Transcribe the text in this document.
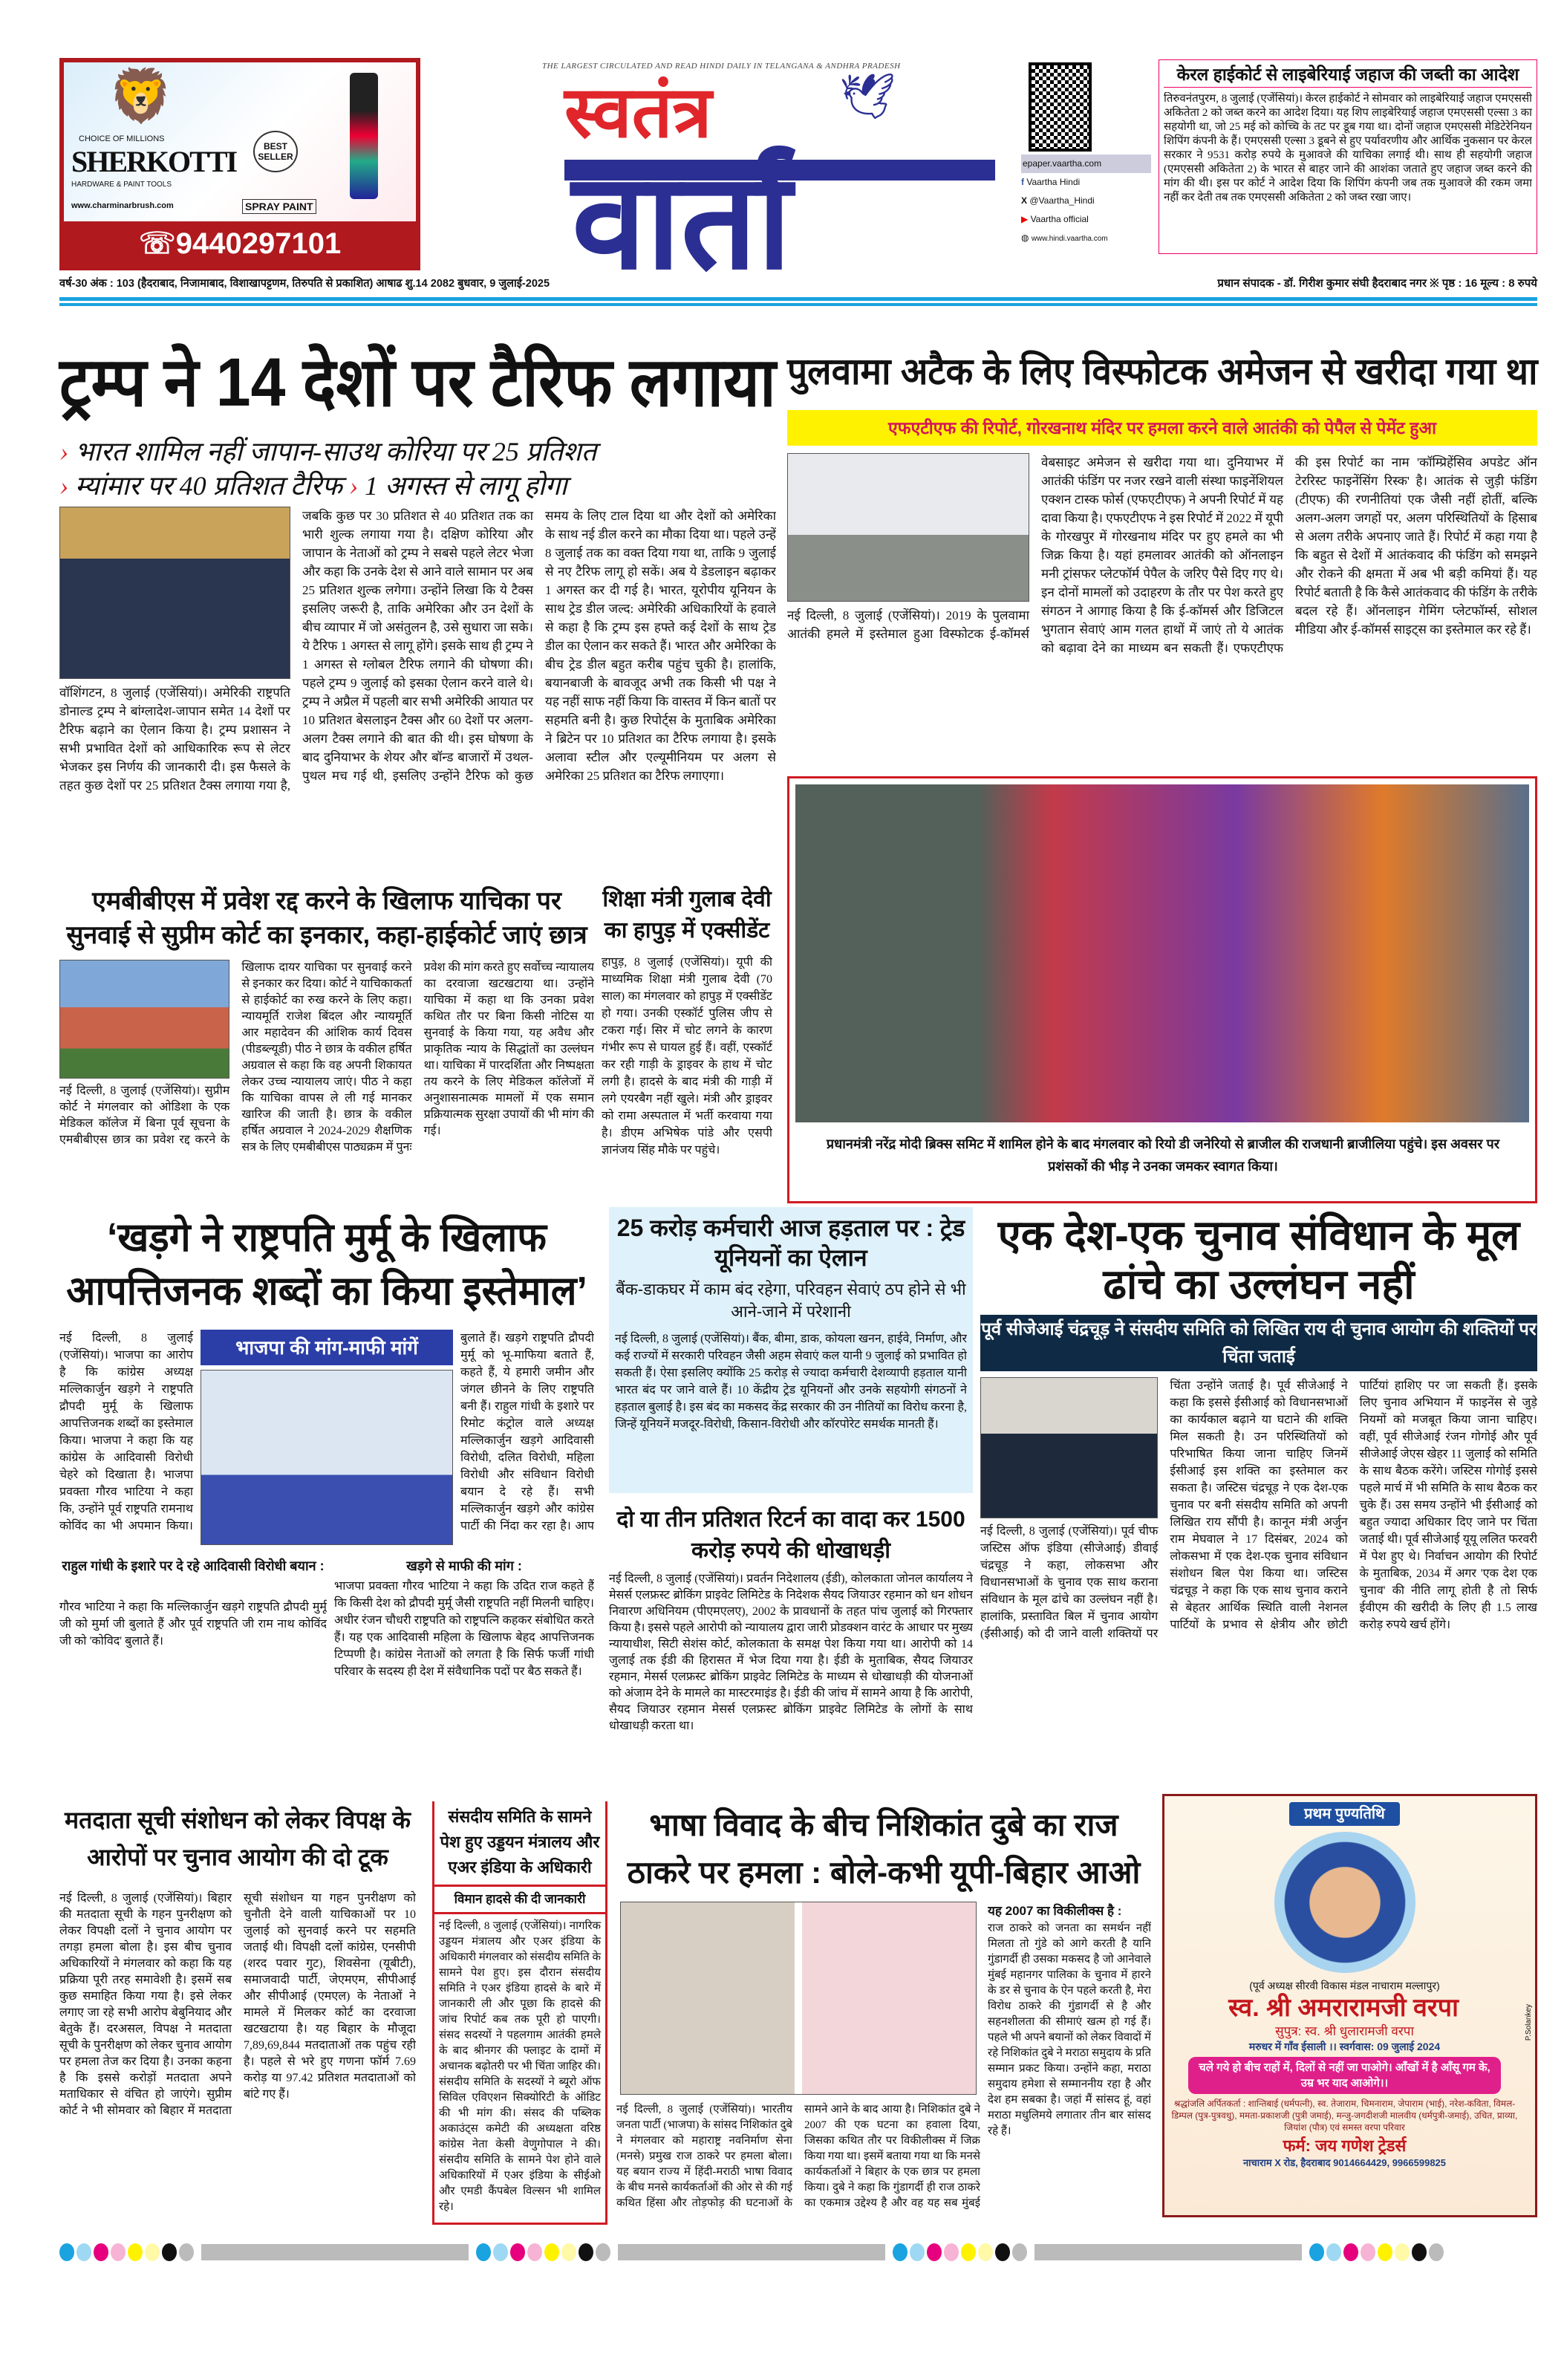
🦁
CHOICE OF MILLIONS
SHERKOTTI
HARDWARE & PAINT TOOLS
BEST SELLER
www.charminarbrush.com	SPRAY PAINT
☏9440297101
THE LARGEST CIRCULATED AND READ HINDI DAILY IN TELANGANA & ANDHRA PRADESH
🕊
स्वतंत्र
वार्ता	epaper.vaartha.com
f Vaartha Hindi
X @Vaartha_Hindi
▶ Vaartha official
◍ www.hindi.vaartha.com
केरल हाईकोर्ट से लाइबेरियाई जहाज की जब्ती का आदेश
तिरुवनंतपुरम, 8 जुलाई (एजेंसियां)। केरल हाईकोर्ट ने सोमवार को लाइबेरियाई जहाज एमएससी अकितेता 2 को जब्त करने का आदेश दिया। यह शिप लाइबेरियाई जहाज एमएससी एल्सा 3 का सहयोगी था, जो 25 मई को कोच्चि के तट पर डूब गया था। दोनों जहाज एमएससी मेडिटेरेनियन शिपिंग कंपनी के हैं। एमएससी एल्सा 3 डूबने से हुए पर्यावरणीय और आर्थिक नुकसान पर केरल सरकार ने 9531 करोड़ रुपये के मुआवजे की याचिका लगाई थी। साथ ही सहयोगी जहाज (एमएससी अकितेता 2) के भारत से बाहर जाने की आशंका जताते हुए जहाज जब्त करने की मांग की थी। इस पर कोर्ट ने आदेश दिया कि शिपिंग कंपनी जब तक मुआवजे की रकम जमा नहीं कर देती तब तक एमएससी अकितेता 2 को जब्त रखा जाए।
वर्ष-30 अंक : 103 (हैदराबाद, निजामाबाद, विशाखापट्टणम, तिरुपति से प्रकाशित) आषाढ शु.14 2082 बुधवार, 9 जुलाई-2025	प्रधान संपादक - डॉ. गिरीश कुमार संघी हैदराबाद नगर ※ पृष्ठ : 16 मूल्य : 8 रुपये
ट्रम्प ने 14 देशों पर टैरिफ लगाया
› भारत शामिल नहीं जापान-साउथ कोरिया पर 25 प्रतिशत
› म्यांमार पर 40 प्रतिशत टैरिफ › 1 अगस्त से लागू होगा
वॉशिंगटन, 8 जुलाई (एजेंसियां)। अमेरिकी राष्ट्रपति डोनाल्ड ट्रम्प ने बांग्लादेश-जापान समेत 14 देशों पर टैरिफ बढ़ाने का ऐलान किया है। ट्रम्प प्रशासन ने सभी प्रभावित देशों को आधिकारिक रूप से लेटर भेजकर इस निर्णय की जानकारी दी। इस फैसले के तहत कुछ देशों पर 25 प्रतिशत टैक्स लगाया गया है, जबकि कुछ पर 30 प्रतिशत से 40 प्रतिशत तक का भारी शुल्क लगाया गया है। दक्षिण कोरिया और जापान के नेताओं को ट्रम्प ने सबसे पहले लेटर भेजा और कहा कि उनके देश से आने वाले सामान पर अब 25 प्रतिशत शुल्क लगेगा। उन्होंने लिखा कि ये टैक्स इसलिए जरूरी है, ताकि अमेरिका और उन देशों के बीच व्यापार में जो असंतुलन है, उसे सुधारा जा सके। ये टैरिफ 1 अगस्त से लागू होंगे। इसके साथ ही ट्रम्प ने 1 अगस्त से ग्लोबल टैरिफ लगाने की घोषणा की। पहले ट्रम्प 9 जुलाई को इसका ऐलान करने वाले थे। ट्रम्प ने अप्रैल में पहली बार सभी अमेरिकी आयात पर 10 प्रतिशत बेसलाइन टैक्स और 60 देशों पर अलग-अलग टैक्स लगाने की बात की थी। इस घोषणा के बाद दुनियाभर के शेयर और बॉन्ड बाजारों में उथल-पुथल मच गई थी, इसलिए उन्होंने टैरिफ को कुछ समय के लिए टाल दिया था और देशों को अमेरिका के साथ नई डील करने का मौका दिया था। पहले उन्हें 8 जुलाई तक का वक्त दिया गया था, ताकि 9 जुलाई से नए टैरिफ लागू हो सकें। अब ये डेडलाइन बढ़ाकर 1 अगस्त कर दी गई है। भारत, यूरोपीय यूनियन के साथ ट्रेड डील जल्द: अमेरिकी अधिकारियों के हवाले से कहा है कि ट्रम्प इस हफ्ते कई देशों के साथ ट्रेड डील का ऐलान कर सकते हैं। भारत और अमेरिका के बीच ट्रेड डील बहुत करीब पहुंच चुकी है। हालांकि, बयानबाजी के बावजूद अभी तक किसी भी पक्ष ने यह नहीं साफ नहीं किया कि वास्तव में किन बातों पर सहमति बनी है। कुछ रिपोर्ट्स के मुताबिक अमेरिका ने ब्रिटेन पर 10 प्रतिशत का टैरिफ लगाया है। इसके अलावा स्टील और एल्यूमीनियम पर अलग से अमेरिका 25 प्रतिशत का टैरिफ लगाएगा।
पुलवामा अटैक के लिए विस्फोटक अमेजन से खरीदा गया था
एफएटीएफ की रिपोर्ट, गोरखनाथ मंदिर पर हमला करने वाले आतंकी को पेपैल से पेमेंट हुआ
नई दिल्ली, 8 जुलाई (एजेंसियां)। 2019 के पुलवामा आतंकी हमले में इस्तेमाल हुआ विस्फोटक ई-कॉमर्स वेबसाइट अमेजन से खरीदा गया था। दुनियाभर में आतंकी फंडिंग पर नजर रखने वाली संस्था फाइनेंशियल एक्शन टास्क फोर्स (एफएटीएफ) ने अपनी रिपोर्ट में यह दावा किया है। एफएटीएफ ने इस रिपोर्ट में 2022 में यूपी के गोरखपुर में गोरखनाथ मंदिर पर हुए हमले का भी जिक्र किया है। यहां हमलावर आतंकी को ऑनलाइन मनी ट्रांसफर प्लेटफॉर्म पेपैल के जरिए पैसे दिए गए थे। इन दोनों मामलों को उदाहरण के तौर पर पेश करते हुए संगठन ने आगाह किया है कि ई-कॉमर्स और डिजिटल भुगतान सेवाएं आम गलत हाथों में जाएं तो ये आतंक को बढ़ावा देने का माध्यम बन सकती हैं। एफएटीएफ की इस रिपोर्ट का नाम 'कॉम्प्रिहेंसिव अपडेट ऑन टेररिस्ट फाइनेंसिंग रिस्क' है। आतंक से जुड़ी फंडिंग (टीएफ) की रणनीतियां एक जैसी नहीं होतीं, बल्कि अलग-अलग जगहों पर, अलग परिस्थितियों के हिसाब से अलग तरीके अपनाए जाते हैं। रिपोर्ट में कहा गया है कि बहुत से देशों में आतंकवाद की फंडिंग को समझने और रोकने की क्षमता में अब भी बड़ी कमियां हैं। यह रिपोर्ट बताती है कि कैसे आतंकवाद की फंडिंग के तरीके बदल रहे हैं। ऑनलाइन गेमिंग प्लेटफॉर्म्स, सोशल मीडिया और ई-कॉमर्स साइट्स का इस्तेमाल कर रहे हैं।
एमबीबीएस में प्रवेश रद्द करने के खिलाफ याचिका पर सुनवाई से सुप्रीम कोर्ट का इनकार, कहा-हाईकोर्ट जाएं छात्र
नई दिल्ली, 8 जुलाई (एजेंसियां)। सुप्रीम कोर्ट ने मंगलवार को ओडिशा के एक मेडिकल कॉलेज में बिना पूर्व सूचना के एमबीबीएस छात्र का प्रवेश रद्द करने के खिलाफ दायर याचिका पर सुनवाई करने से इनकार कर दिया। कोर्ट ने याचिकाकर्ता से हाईकोर्ट का रुख करने के लिए कहा। न्यायमूर्ति राजेश बिंदल और न्यायमूर्ति आर महादेवन की आंशिक कार्य दिवस (पीडब्ल्यूडी) पीठ ने छात्र के वकील हर्षित अग्रवाल से कहा कि वह अपनी शिकायत लेकर उच्च न्यायालय जाएं। पीठ ने कहा कि याचिका वापस ले ली गई मानकर खारिज की जाती है। छात्र के वकील हर्षित अग्रवाल ने 2024-2029 शैक्षणिक सत्र के लिए एमबीबीएस पाठ्यक्रम में पुनः प्रवेश की मांग करते हुए सर्वोच्च न्यायालय का दरवाजा खटखटाया था। उन्होंने याचिका में कहा था कि उनका प्रवेश कथित तौर पर बिना किसी नोटिस या सुनवाई के किया गया, यह अवैध और प्राकृतिक न्याय के सिद्धांतों का उल्लंघन था। याचिका में पारदर्शिता और निष्पक्षता तय करने के लिए मेडिकल कॉलेजों में अनुशासनात्मक मामलों में एक समान प्रक्रियात्मक सुरक्षा उपायों की भी मांग की गई।
शिक्षा मंत्री गुलाब देवी का हापुड़ में एक्सीडेंट
हापुड़, 8 जुलाई (एजेंसियां)। यूपी की माध्यमिक शिक्षा मंत्री गुलाब देवी (70 साल) का मंगलवार को हापुड़ में एक्सीडेंट हो गया। उनकी एस्कॉर्ट पुलिस जीप से टकरा गई। सिर में चोट लगने के कारण गंभीर रूप से घायल हुई हैं। वहीं, एस्कॉर्ट कर रही गाड़ी के ड्राइवर के हाथ में चोट लगी है। हादसे के बाद मंत्री की गाड़ी में लगे एयरबैग नहीं खुले। मंत्री और ड्राइवर को रामा अस्पताल में भर्ती करवाया गया है। डीएम अभिषेक पांडे और एसपी ज्ञानंजय सिंह मौके पर पहुंचे।	प्रधानमंत्री नरेंद्र मोदी ब्रिक्स समिट में शामिल होने के बाद मंगलवार को रियो डी जनेरियो से ब्राजील की राजधानी ब्राजीलिया पहुंचे। इस अवसर पर प्रशंसकों की भीड़ ने उनका जमकर स्वागत किया।
‘खड़गे ने राष्ट्रपति मुर्मू के खिलाफ आपत्तिजनक शब्दों का किया इस्तेमाल’
भाजपा की मांग-माफी मांगें
नई दिल्ली, 8 जुलाई (एजेंसियां)। भाजपा का आरोप है कि कांग्रेस अध्यक्ष मल्लिकार्जुन खड़गे ने राष्ट्रपति द्रौपदी मुर्मू के खिलाफ आपत्तिजनक शब्दों का इस्तेमाल किया। भाजपा ने कहा कि यह कांग्रेस के आदिवासी विरोधी चेहरे को दिखाता है। भाजपा प्रवक्ता गौरव भाटिया ने कहा कि, उन्होंने पूर्व राष्ट्रपति रामनाथ कोविंद का भी अपमान किया। बुलाते हैं। खड़गे राष्ट्रपति द्रौपदी मुर्मू को भू-माफिया बताते हैं, कहते हैं, ये हमारी जमीन और जंगल छीनने के लिए राष्ट्रपति बनी हैं। राहुल गांधी के इशारे पर रिमोट कंट्रोल वाले अध्यक्ष मल्लिकार्जुन खड़गे आदिवासी विरोधी, दलित विरोधी, महिला विरोधी और संविधान विरोधी बयान दे रहे हैं। सभी मल्लिकार्जुन खड़गे और कांग्रेस पार्टी की निंदा कर रहा है। आप
राहुल गांधी के इशारे पर दे रहे आदिवासी विरोधी बयान :
गौरव भाटिया ने कहा कि मल्लिकार्जुन खड़गे राष्ट्रपति द्रौपदी मुर्मू जी को मुर्मा जी बुलाते हैं और पूर्व राष्ट्रपति जी राम नाथ कोविंद जी को 'कोविद' बुलाते हैं।
खड़गे से माफी की मांग :
भाजपा प्रवक्ता गौरव भाटिया ने कहा कि उदित राज कहते हैं कि किसी देश को द्रौपदी मुर्मू जैसी राष्ट्रपति नहीं मिलनी चाहिए। अधीर रंजन चौधरी राष्ट्रपति को राष्ट्रपत्नि कहकर संबोधित करते हैं। यह एक आदिवासी महिला के खिलाफ बेहद आपत्तिजनक टिप्पणी है। कांग्रेस नेताओं को लगता है कि सिर्फ फर्जी गांधी परिवार के सदस्य ही देश में संवैधानिक पदों पर बैठ सकते हैं।
25 करोड़ कर्मचारी आज हड़ताल पर : ट्रेड यूनियनों का ऐलान
बैंक-डाकघर में काम बंद रहेगा, परिवहन सेवाएं ठप होने से भी आने-जाने में परेशानी
नई दिल्ली, 8 जुलाई (एजेंसियां)। बैंक, बीमा, डाक, कोयला खनन, हाईवे, निर्माण, और कई राज्यों में सरकारी परिवहन जैसी अहम सेवाएं कल यानी 9 जुलाई को प्रभावित हो सकती हैं। ऐसा इसलिए क्योंकि 25 करोड़ से ज्यादा कर्मचारी देशव्यापी हड़ताल यानी भारत बंद पर जाने वाले हैं। 10 केंद्रीय ट्रेड यूनियनों और उनके सहयोगी संगठनों ने हड़ताल बुलाई है। इस बंद का मकसद केंद्र सरकार की उन नीतियों का विरोध करना है, जिन्हें यूनियनें मजदूर-विरोधी, किसान-विरोधी और कॉरपोरेट समर्थक मानती हैं।
दो या तीन प्रतिशत रिटर्न का वादा कर 1500 करोड़ रुपये की धोखाधड़ी
नई दिल्ली, 8 जुलाई (एजेंसियां)। प्रवर्तन निदेशालय (ईडी), कोलकाता जोनल कार्यालय ने मेसर्स एलफ्रस्ट ब्रोकिंग प्राइवेट लिमिटेड के निदेशक सैयद जियाउर रहमान को धन शोधन निवारण अधिनियम (पीएमएलए), 2002 के प्रावधानों के तहत पांच जुलाई को गिरफ्तार किया है। इससे पहले आरोपी को न्यायालय द्वारा जारी प्रोडक्शन वारंट के आधार पर मुख्य न्यायाधीश, सिटी सेशंस कोर्ट, कोलकाता के समक्ष पेश किया गया था। आरोपी को 14 जुलाई तक ईडी की हिरासत में भेज दिया गया है। ईडी के मुताबिक, सैयद जियाउर रहमान, मेसर्स एलफ्रस्ट ब्रोकिंग प्राइवेट लिमिटेड के माध्यम से धोखाधड़ी की योजनाओं को अंजाम देने के मामले का मास्टरमाइंड है। ईडी की जांच में सामने आया है कि आरोपी, सैयद जियाउर रहमान मेसर्स एलफ्रस्ट ब्रोकिंग प्राइवेट लिमिटेड के लोगों के साथ धोखाधड़ी करता था।
एक देश-एक चुनाव संविधान के मूल ढांचे का उल्लंघन नहीं
पूर्व सीजेआई चंद्रचूड़ ने संसदीय समिति को लिखित राय दी चुनाव आयोग की शक्तियों पर चिंता जताई
नई दिल्ली, 8 जुलाई (एजेंसियां)। पूर्व चीफ जस्टिस ऑफ इंडिया (सीजेआई) डीवाई चंद्रचूड़ ने कहा, लोकसभा और विधानसभाओं के चुनाव एक साथ कराना संविधान के मूल ढांचे का उल्लंघन नहीं है। हालांकि, प्रस्तावित बिल में चुनाव आयोग (ईसीआई) को दी जाने वाली शक्तियों पर चिंता उन्होंने जताई है। पूर्व सीजेआई ने कहा कि इससे ईसीआई को विधानसभाओं का कार्यकाल बढ़ाने या घटाने की शक्ति मिल सकती है। उन परिस्थितियों को परिभाषित किया जाना चाहिए जिनमें ईसीआई इस शक्ति का इस्तेमाल कर सकता है। जस्टिस चंद्रचूड़ ने एक देश-एक चुनाव पर बनी संसदीय समिति को अपनी लिखित राय सौंपी है। कानून मंत्री अर्जुन राम मेघवाल ने 17 दिसंबर, 2024 को लोकसभा में एक देश-एक चुनाव संविधान संशोधन बिल पेश किया था। जस्टिस चंद्रचूड़ ने कहा कि एक साथ चुनाव कराने से बेहतर आर्थिक स्थिति वाली नेशनल पार्टियों के प्रभाव से क्षेत्रीय और छोटी पार्टियां हाशिए पर जा सकती हैं। इसके लिए चुनाव अभियान में फाइनेंस से जुड़े नियमों को मजबूत किया जाना चाहिए। वहीं, पूर्व सीजेआई रंजन गोगोई और पूर्व सीजेआई जेएस खेहर 11 जुलाई को समिति के साथ बैठक करेंगे। जस्टिस गोगोई इससे पहले मार्च में भी समिति के साथ बैठक कर चुके हैं। उस समय उन्होंने भी ईसीआई को बहुत ज्यादा अधिकार दिए जाने पर चिंता जताई थी। पूर्व सीजेआई यूयू ललित फरवरी में पेश हुए थे। निर्वाचन आयोग की रिपोर्ट के मुताबिक, 2034 में अगर 'एक देश एक चुनाव' की नीति लागू होती है तो सिर्फ ईवीएम की खरीदी के लिए ही 1.5 लाख करोड़ रुपये खर्च होंगे।
मतदाता सूची संशोधन को लेकर विपक्ष के आरोपों पर चुनाव आयोग की दो टूक
नई दिल्ली, 8 जुलाई (एजेंसियां)। बिहार की मतदाता सूची के गहन पुनरीक्षण को लेकर विपक्षी दलों ने चुनाव आयोग पर तगड़ा हमला बोला है। इस बीच चुनाव अधिकारियों ने मंगलवार को कहा कि यह प्रक्रिया पूरी तरह समावेशी है। इसमें सब कुछ समाहित किया गया है। इसे लेकर लगाए जा रहे सभी आरोप बेबुनियाद और बेतुके हैं। दरअसल, विपक्ष ने मतदाता सूची के पुनरीक्षण को लेकर चुनाव आयोग पर हमला तेज कर दिया है। उनका कहना है कि इससे करोड़ों मतदाता अपने मताधिकार से वंचित हो जाएंगे। सुप्रीम कोर्ट ने भी सोमवार को बिहार में मतदाता सूची संशोधन या गहन पुनरीक्षण को चुनौती देने वाली याचिकाओं पर 10 जुलाई को सुनवाई करने पर सहमति जताई थी। विपक्षी दलों कांग्रेस, एनसीपी (शरद पवार गुट), शिवसेना (यूबीटी), समाजवादी पार्टी, जेएमएम, सीपीआई और सीपीआई (एमएल) के नेताओं ने मामले में मिलकर कोर्ट का दरवाजा खटखटाया है। यह बिहार के मौजूदा 7,89,69,844 मतदाताओं तक पहुंच रही है। पहले से भरे हुए गणना फॉर्म 7.69 करोड़ या 97.42 प्रतिशत मतदाताओं को बांटे गए हैं।
संसदीय समिति के सामने पेश हुए उड्डयन मंत्रालय और एअर इंडिया के अधिकारी
विमान हादसे की दी जानकारी
नई दिल्ली, 8 जुलाई (एजेंसियां)। नागरिक उड्डयन मंत्रालय और एअर इंडिया के अधिकारी मंगलवार को संसदीय समिति के सामने पेश हुए। इस दौरान संसदीय समिति ने एअर इंडिया हादसे के बारे में जानकारी ली और पूछा कि हादसे की जांच रिपोर्ट कब तक पूरी हो पाएगी। संसद सदस्यों ने पहलगाम आतंकी हमले के बाद श्रीनगर की फ्लाइट के दामों में अचानक बढ़ोतरी पर भी चिंता जाहिर की। संसदीय समिति के सदस्यों ने ब्यूरो ऑफ सिविल एविएशन सिक्योरिटी के ऑडिट की भी मांग की। संसद की पब्लिक अकाउंट्स कमेटी की अध्यक्षता वरिष्ठ कांग्रेस नेता केसी वेणुगोपाल ने की। संसदीय समिति के सामने पेश होने वाले अधिकारियों में एअर इंडिया के सीईओ और एमडी कैंपबेल विल्सन भी शामिल रहे।
भाषा विवाद के बीच निशिकांत दुबे का राज ठाकरे पर हमला : बोले-कभी यूपी-बिहार आओ
नई दिल्ली, 8 जुलाई (एजेंसियां)। भारतीय जनता पार्टी (भाजपा) के सांसद निशिकांत दुबे ने मंगलवार को महाराष्ट्र नवनिर्माण सेना (मनसे) प्रमुख राज ठाकरे पर हमला बोला। यह बयान राज्य में हिंदी-मराठी भाषा विवाद के बीच मनसे कार्यकर्ताओं की ओर से की गई कथित हिंसा और तोड़फोड़ की घटनाओं के सामने आने के बाद आया है। निशिकांत दुबे ने 2007 की एक घटना का हवाला दिया, जिसका कथित तौर पर विकीलीक्स में जिक्र किया गया था। इसमें बताया गया था कि मनसे कार्यकर्ताओं ने बिहार के एक छात्र पर हमला किया। दुबे ने कहा कि गुंडागर्दी ही राज ठाकरे का एकमात्र उद्देश्य है और वह यह सब मुंबई
यह 2007 का विकीलीक्स है :
राज ठाकरे को जनता का समर्थन नहीं मिलता तो गुंडे को आगे करती है यानि गुंडागर्दी ही उसका मकसद है जो आनेवाले मुंबई महानगर पालिका के चुनाव में हारने के डर से चुनाव के ऐन पहले करती है, मेरा विरोध ठाकरे की गुंडागर्दी से है और सहनशीलता की सीमाएं खत्म हो गई हैं। पहले भी अपने बयानों को लेकर विवादों में रहे निशिकांत दुबे ने मराठा समुदाय के प्रति सम्मान प्रकट किया। उन्होंने कहा, मराठा समुदाय हमेशा से सम्माननीय रहा है और देश हम सबका है। जहां मैं सांसद हूं, वहां मराठा मधुलिमये लगातार तीन बार सांसद रहे हैं।
प्रथम पुण्यतिथि
(पूर्व अध्यक्ष सीरवी विकास मंडल नाचाराम मल्लापुर)
स्व. श्री अमरारामजी वरपा
सुपुत्र: स्व. श्री धुलारामजी वरपा
मरुधर में गाँव ईसाली ।। स्वर्गवास: 09 जुलाई 2024
चले गये हो बीच राहों में, दिलों से नहीं जा पाओगे। आँखों में है आँसू गम के, उम्र भर याद आओगे।।
श्रद्धांजलि अर्पितकर्ता : शान्तिबाई (धर्मपत्नी), स्व. तेजाराम, चिमनाराम, जेपाराम (भाई), नरेश-कविता, विमल-डिम्पल (पुत्र-पुत्रवधु), ममता-प्रकाशजी (पुत्री जमाई), मन्जु-जगदीशजी मालवीय (धर्मपुत्री-जमाई), उचित, प्राव्या, जियांश (पौत्र) एवं समस्त वरपा परिवार
फर्म: जय गणेश ट्रेडर्स
नाचाराम X रोड, हैदराबाद 9014664429, 9966599825
P.Solankey
